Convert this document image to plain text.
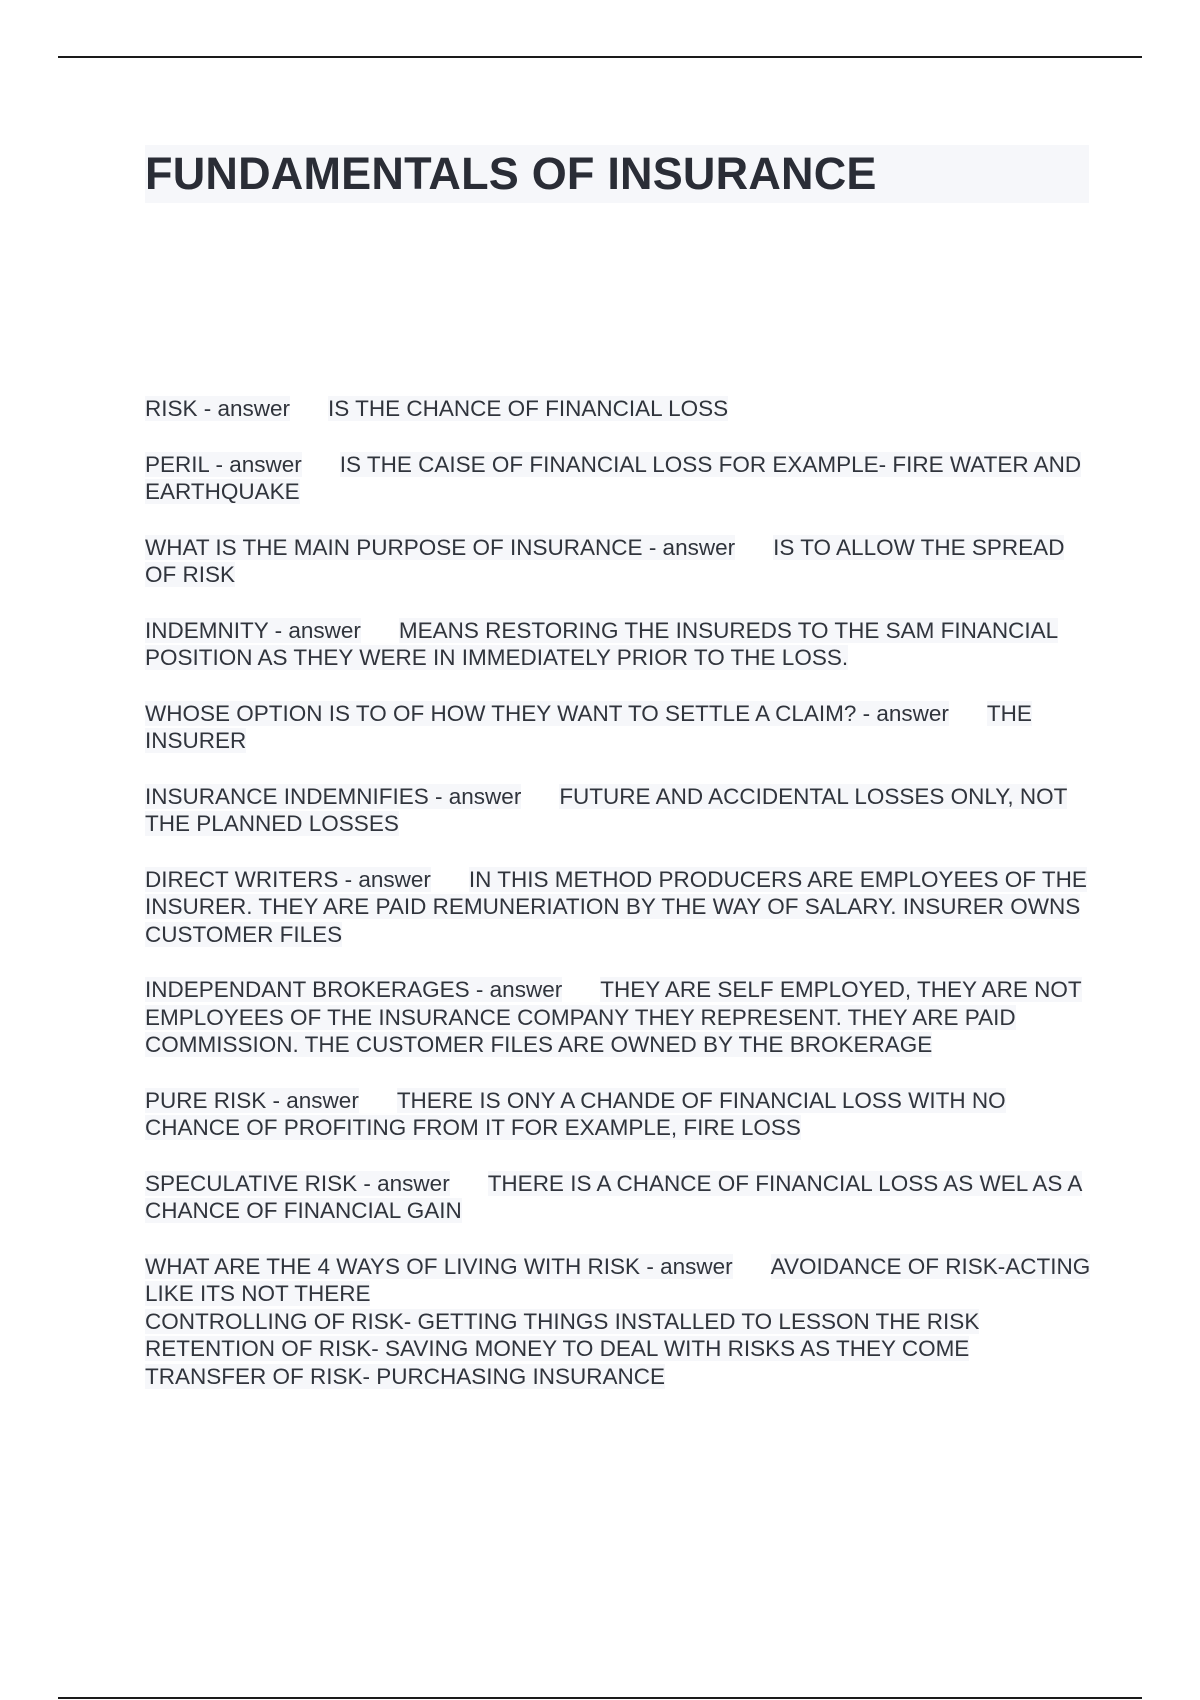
FUNDAMENTALS OF INSURANCE
RISK - answer IS THE CHANCE OF FINANCIAL LOSS
PERIL - answer IS THE CAISE OF FINANCIAL LOSS FOR EXAMPLE- FIRE WATER AND EARTHQUAKE
WHAT IS THE MAIN PURPOSE OF INSURANCE - answer IS TO ALLOW THE SPREAD OF RISK
INDEMNITY - answer MEANS RESTORING THE INSUREDS TO THE SAM FINANCIAL POSITION AS THEY WERE IN IMMEDIATELY PRIOR TO THE LOSS.
WHOSE OPTION IS TO OF HOW THEY WANT TO SETTLE A CLAIM? - answer THE INSURER
INSURANCE INDEMNIFIES - answer FUTURE AND ACCIDENTAL LOSSES ONLY, NOT THE PLANNED LOSSES
DIRECT WRITERS - answer IN THIS METHOD PRODUCERS ARE EMPLOYEES OF THE INSURER. THEY ARE PAID REMUNERIATION BY THE WAY OF SALARY. INSURER OWNS CUSTOMER FILES
INDEPENDANT BROKERAGES - answer THEY ARE SELF EMPLOYED, THEY ARE NOT EMPLOYEES OF THE INSURANCE COMPANY THEY REPRESENT. THEY ARE PAID COMMISSION. THE CUSTOMER FILES ARE OWNED BY THE BROKERAGE
PURE RISK - answer THERE IS ONY A CHANDE OF FINANCIAL LOSS WITH NO CHANCE OF PROFITING FROM IT FOR EXAMPLE, FIRE LOSS
SPECULATIVE RISK - answer THERE IS A CHANCE OF FINANCIAL LOSS AS WEL AS A CHANCE OF FINANCIAL GAIN
WHAT ARE THE 4 WAYS OF LIVING WITH RISK - answer AVOIDANCE OF RISK-ACTING LIKE ITS NOT THERE
CONTROLLING OF RISK- GETTING THINGS INSTALLED TO LESSON THE RISK
RETENTION OF RISK- SAVING MONEY TO DEAL WITH RISKS AS THEY COME
TRANSFER OF RISK- PURCHASING INSURANCE
